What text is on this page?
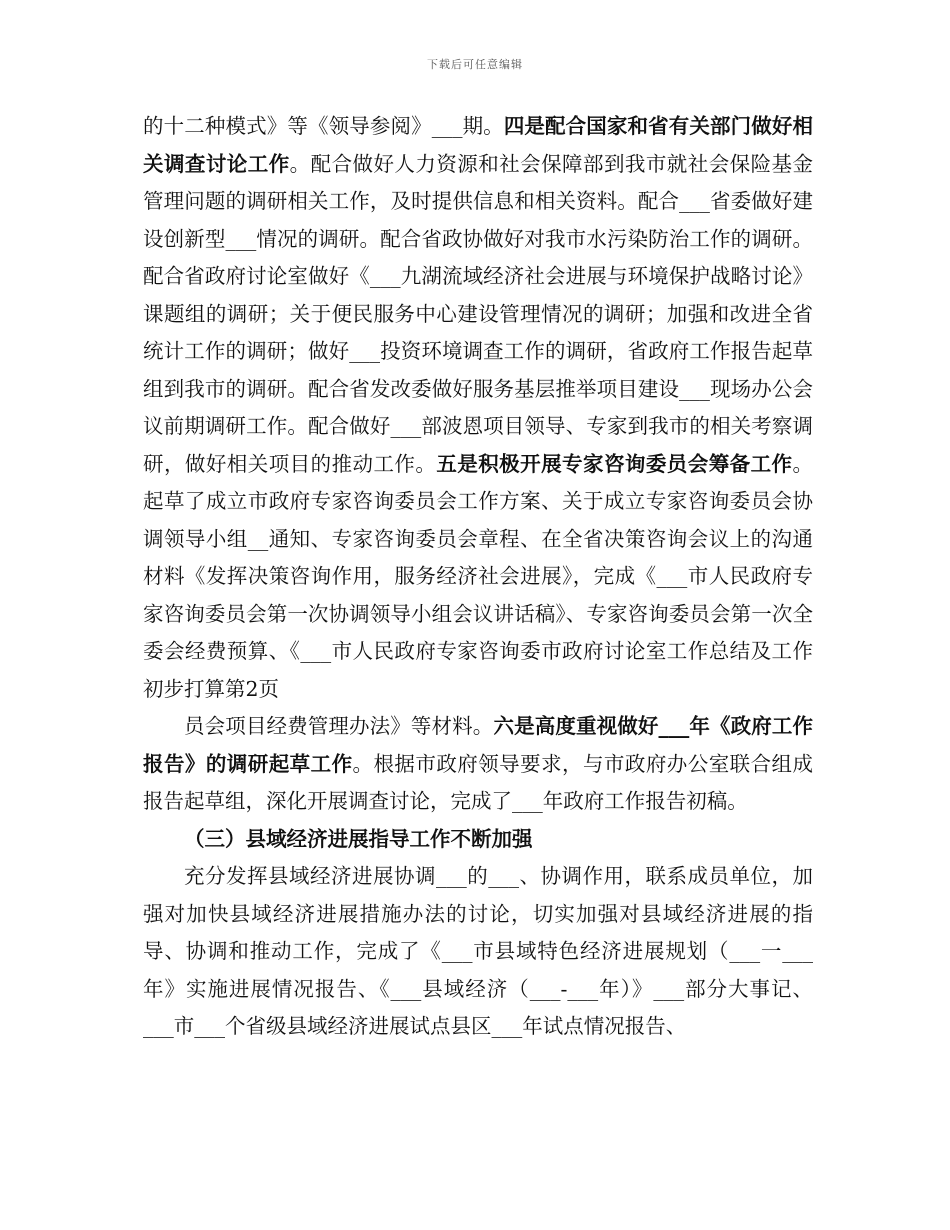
下载后可任意编辑

的十二种模式》等《领导参阅》___期。四是配合国家和省有关部门做好相关调查讨论工作。配合做好人力资源和社会保障部到我市就社会保险基金管理问题的调研相关工作，及时提供信息和相关资料。配合___省委做好建设创新型___情况的调研。配合省政协做好对我市水污染防治工作的调研。配合省政府讨论室做好《___九湖流域经济社会进展与环境保护战略讨论》课题组的调研；关于便民服务中心建设管理情况的调研；加强和改进全省统计工作的调研；做好___投资环境调查工作的调研，省政府工作报告起草组到我市的调研。配合省发改委做好服务基层推举项目建设___现场办公会议前期调研工作。配合做好___部波恩项目领导、专家到我市的相关考察调研，做好相关项目的推动工作。五是积极开展专家咨询委员会筹备工作。起草了成立市政府专家咨询委员会工作方案、关于成立专家咨询委员会协调领导小组__通知、专家咨询委员会章程、在全省决策咨询会议上的沟通材料《发挥决策咨询作用，服务经济社会进展》，完成《___市人民政府专家咨询委员会第一次协调领导小组会议讲话稿》、专家咨询委员会第一次全委会经费预算、《___市人民政府专家咨询委市政府讨论室工作总结及工作初步打算第2页

员会项目经费管理办法》等材料。六是高度重视做好___年《政府工作报告》的调研起草工作。根据市政府领导要求，与市政府办公室联合组成报告起草组，深化开展调查讨论，完成了___年政府工作报告初稿。

（三）县域经济进展指导工作不断加强

充分发挥县域经济进展协调___的___、协调作用，联系成员单位，加强对加快县域经济进展措施办法的讨论，切实加强对县域经济进展的指导、协调和推动工作，完成了《___市县域特色经济进展规划（___一___年》实施进展情况报告、《___县域经济（___-___年）》___部分大事记、___市___个省级县域经济进展试点县区___年试点情况报告、
